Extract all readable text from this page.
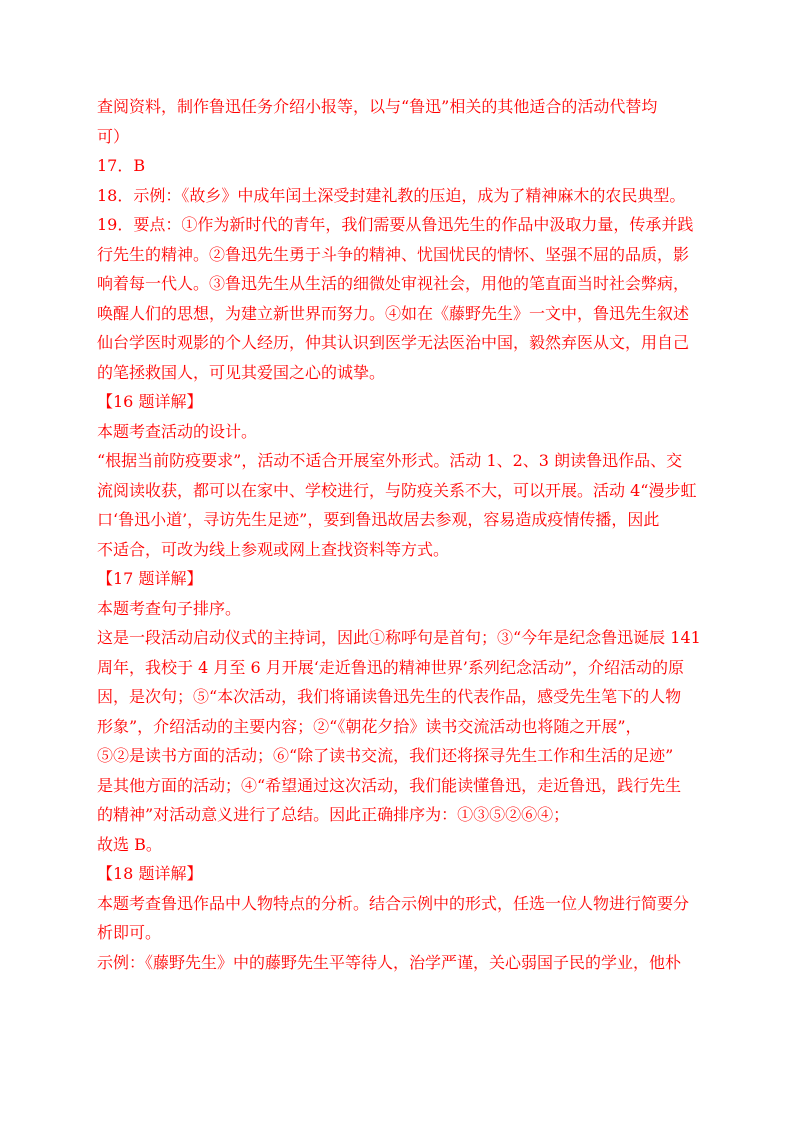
查阅资料，制作鲁迅任务介绍小报等，以与“鲁迅”相关的其他适合的活动代替均

可）

17．B

18．示例：《故乡》中成年闰土深受封建礼教的压迫，成为了精神麻木的农民典型。

19．要点：①作为新时代的青年，我们需要从鲁迅先生的作品中汲取力量，传承并践

行先生的精神。②鲁迅先生勇于斗争的精神、忧国忧民的情怀、坚强不屈的品质，影

响着每一代人。③鲁迅先生从生活的细微处审视社会，用他的笔直面当时社会弊病，

唤醒人们的思想，为建立新世界而努力。④如在《藤野先生》一文中，鲁迅先生叙述

仙台学医时观影的个人经历，仲其认识到医学无法医治中国，毅然弃医从文，用自己

的笔拯救国人，可见其爱国之心的诚挚。

【16 题详解】

本题考查活动的设计。

“根据当前防疫要求”，活动不适合开展室外形式。活动 1、2、3 朗读鲁迅作品、交

流阅读收获，都可以在家中、学校进行，与防疫关系不大，可以开展。活动 4“漫步虹

口‘鲁迅小道’，寻访先生足迹”，要到鲁迅故居去参观，容易造成疫情传播，因此

不适合，可改为线上参观或网上查找资料等方式。

【17 题详解】

本题考查句子排序。

这是一段活动启动仪式的主持词，因此①称呼句是首句；③“今年是纪念鲁迅诞辰 141

周年，我校于 4 月至 6 月开展‘走近鲁迅的精神世界’系列纪念活动”，介绍活动的原

因，是次句；⑤“本次活动，我们将诵读鲁迅先生的代表作品，感受先生笔下的人物

形象”，介绍活动的主要内容；②“《朝花夕拾》读书交流活动也将随之开展”，

⑤②是读书方面的活动；⑥“除了读书交流，我们还将探寻先生工作和生活的足迹”

是其他方面的活动；④“希望通过这次活动，我们能读懂鲁迅，走近鲁迅，践行先生

的精神”对活动意义进行了总结。因此正确排序为：①③⑤②⑥④；

故选 B。

【18 题详解】

本题考查鲁迅作品中人物特点的分析。结合示例中的形式，任选一位人物进行简要分

析即可。

示例：《藤野先生》中的藤野先生平等待人，治学严谨，关心弱国子民的学业，他朴
